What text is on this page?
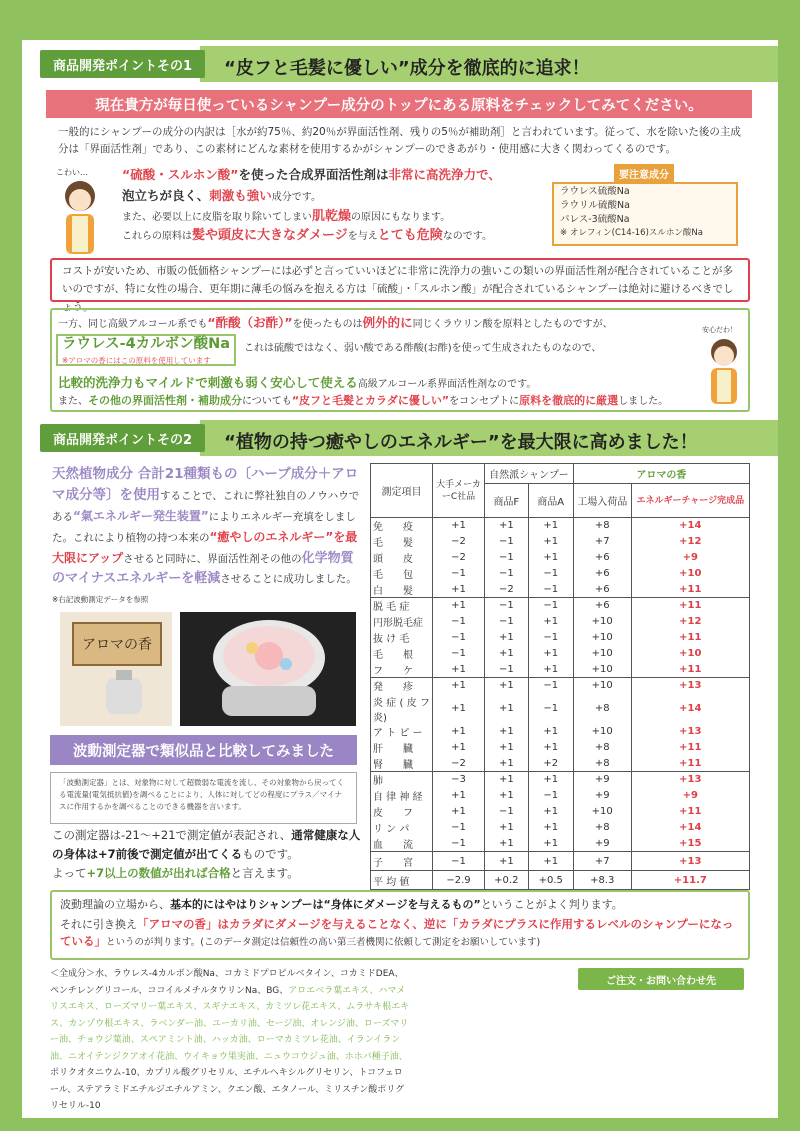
商品開発ポイントその1	“皮フと毛髪に優しい”成分を徹底的に追求！
現在貴方が毎日使っているシャンプー成分のトップにある原料をチェックしてみてください。
一般的にシャンプーの成分の内訳は［水が約75％、約20％が界面活性剤、残りの5％が補助剤］と言われています。従って、水を除いた後の主成分は「界面活性剤」であり、この素材にどんな素材を使用するかがシャンプーのできあがり・使用感に大きく関わってくるのです。
こわい…	“硫酸・スルホン酸”を使った合成界面活性剤は非常に高洗浄力で、
泡立ちが良く、刺激も強い成分です。
また、必要以上に皮脂を取り除いてしまい肌乾燥の原因にもなります。
これらの原料は髪や頭皮に大きなダメージを与えとても危険なのです。
要注意成分
ラウレス硫酸Na
ラウリル硫酸Na
パレス-3硫酸Na
※ オレフィン(C14-16)スルホン酸Na
コストが安いため、市販の低価格シャンプーには必ずと言っていいほどに非常に洗浄力の強いこの類いの界面活性剤が配合されていることが多いのですが、特に女性の場合、更年期に薄毛の悩みを抱える方は「硫酸」・「スルホン酸」が配合されているシャンプーは絶対に避けるべきでしょう。
一方、同じ高級アルコール系でも“酢酸（お酢）”を使ったものは例外的に同じくラウリン酸を原料としたものですが、
ラウレス-4カルボン酸Na
※アロマの香にはこの原料を使用しています
これは硫酸ではなく、弱い酸である酢酸(お酢)を使って生成されたものなので、
比較的洗浄力もマイルドで刺激も弱く安心して使える高級アルコール系界面活性剤なのです。
また、その他の界面活性剤・補助成分についても“皮フと毛髪とカラダに優しい”をコンセプトに原料を徹底的に厳選しました。
安心だわ！
商品開発ポイントその2	“植物の持つ癒やしのエネルギー”を最大限に高めました！
天然植物成分 合計21種類もの〔ハーブ成分＋アロマ成分等〕を使用することで、これに弊社独自のノウハウである“氣エネルギー発生装置”によりエネルギー充填をしました。これにより植物の持つ本来の“癒やしのエネルギー”を最大限にアップさせると同時に、界面活性剤その他の化学物質のマイナスエネルギーを軽減させることに成功しました。※右記波動測定データを参照
アロマの香
波動測定器で類似品と比較してみました
「波動測定器」とは、対象物に対して超微弱な電流を流し、その対象物から戻ってくる電流量(電気抵抗値)を調べることにより、人体に対してどの程度にプラス／マイナスに作用するかを調べることのできる機器を言います。
この測定器は-21〜+21で測定値が表記され、通常健康な人の身体は+7前後で測定値が出てくるものです。
よって+7以上の数値が出れば合格と言えます。
測定項目	大手メーカーC社品	自然派シャンプー		アロマの香	
		商品F	商品A	工場入荷品	エネルギーチャージ完成品
免　　疫	+1	+1	+1	+8	+14
毛　　髪	−2	−1	+1	+7	+12
頭　　皮	−2	−1	+1	+6	+9
毛　　包	−1	−1	−1	+6	+10
白　　髪	+1	−2	−1	+6	+11
脱 毛 症	+1	−1	−1	+6	+11
円形脱毛症	−1	−1	+1	+10	+12
抜 け 毛	−1	+1	−1	+10	+11
毛　　根	−1	+1	+1	+10	+10
フ　　ケ	+1	−1	+1	+10	+11
発　　疹	+1	+1	−1	+10	+13
炎症(皮フ炎)	+1	+1	−1	+8	+14
ア ト ピ ー	+1	+1	+1	+10	+13
肝　　臓	+1	+1	+1	+8	+11
腎　　臓	−2	+1	+2	+8	+11
肺	−3	+1	+1	+9	+13
自 律 神 経	+1	+1	−1	+9	+9
皮　　フ	+1	−1	+1	+10	+11
リ ン パ	−1	+1	+1	+8	+14
血　　流	−1	+1	+1	+9	+15
子　　宮	−1	+1	+1	+7	+13
平 均 値	−2.9	+0.2	+0.5	+8.3	+11.7
波動理論の立場から、基本的にはやはりシャンプーは“身体にダメージを与えるもの”ということがよく判ります。
それに引き換え「アロマの香」はカラダにダメージを与えることなく、逆に「カラダにプラスに作用するレベルのシャンプーになっている」というのが判ります。(このデータ測定は信頼性の高い第三者機関に依頼して測定をお願いしています)
＜全成分＞水、ラウレス-4カルボン酸Na、コカミドプロピルベタイン、コカミドDEA、ペンチレングリコール、ココイルメチルタウリンNa、BG、アロエベラ葉エキス、ハマメリスエキス、ローズマリー葉エキス、スギナエキス、カミツレ花エキス、ムラサキ根エキス、カンゾウ根エキス、ラベンダー油、ユーカリ油、セージ油、オレンジ油、ローズマリー油、チョウジ葉油、スペアミント油、ハッカ油、ローマカミツレ花油、イランイラン油、ニオイテンジクアオイ花油、ウイキョウ果実油、ニュウコウジュ油、ホホバ種子油、ポリクオタニウム-10、カプリル酸グリセリル、エチルヘキシルグリセリン、トコフェロール、ステアラミドエチルジエチルアミン、クエン酸、エタノール、ミリスチン酸ポリグリセリル-10
ご注文・お問い合わせ先
